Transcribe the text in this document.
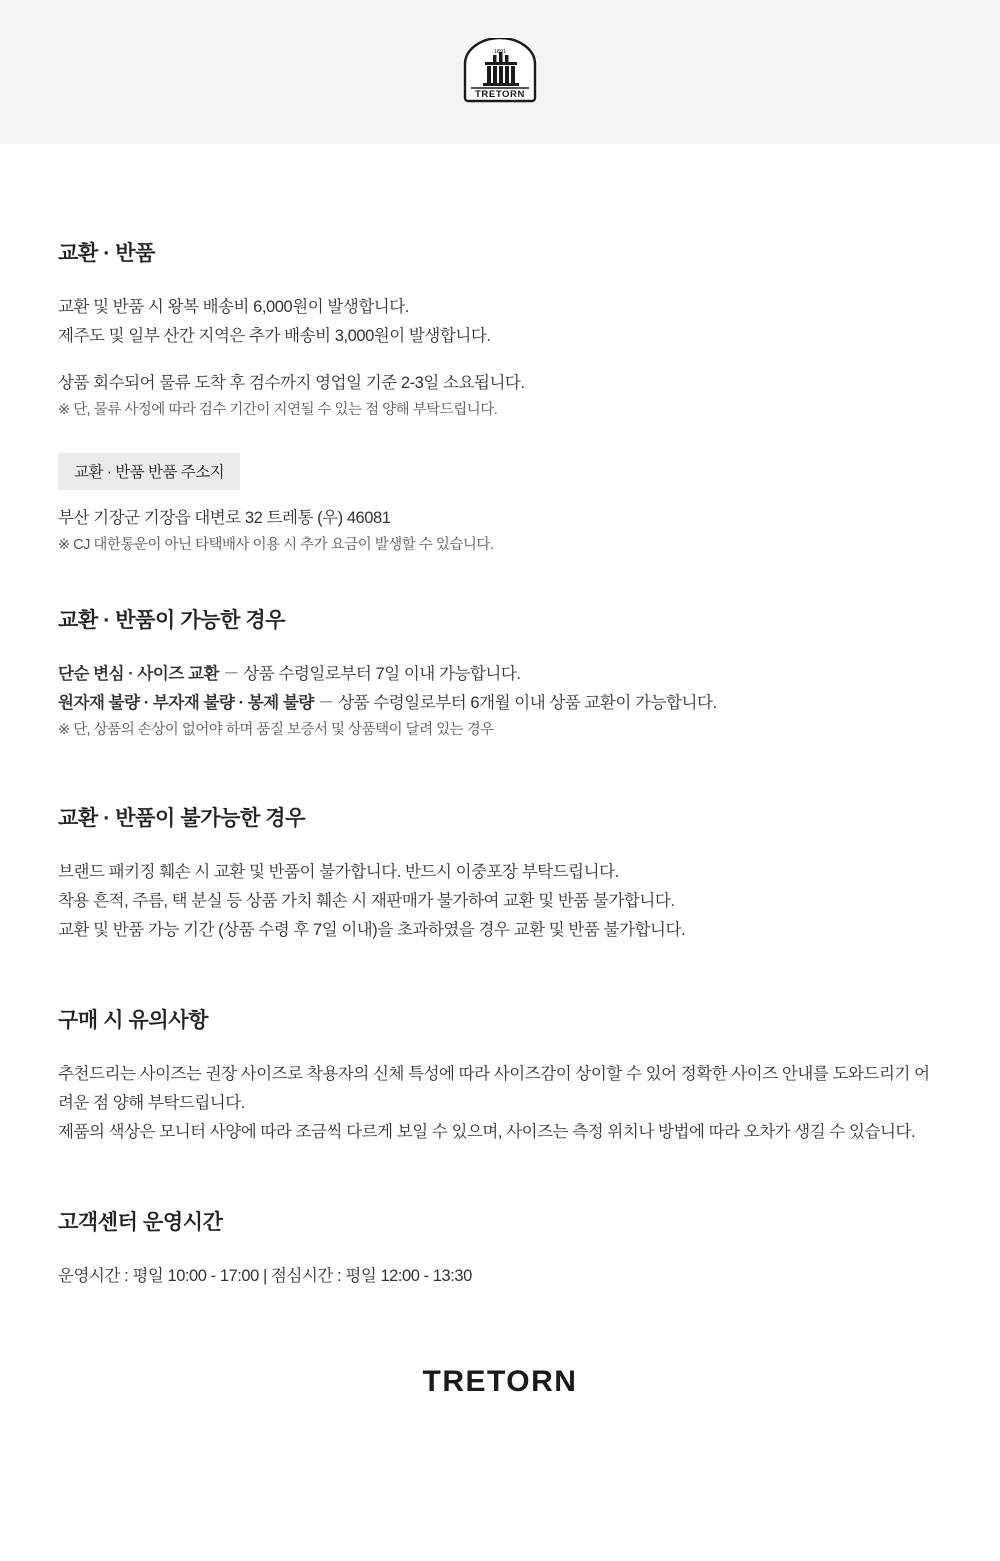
1891
TRETORN
교환 · 반품

교환 및 반품 시 왕복 배송비 6,000원이 발생합니다.

제주도 및 일부 산간 지역은 추가 배송비 3,000원이 발생합니다.

상품 회수되어 물류 도착 후 검수까지 영업일 기준 2-3일 소요됩니다.

※ 단, 물류 사정에 따라 검수 기간이 지연될 수 있는 점 양해 부탁드립니다.

교환 · 반품 반품 주소지

부산 기장군 기장읍 대변로 32 트레통 (우) 46081

※ CJ 대한통운이 아닌 타택배사 이용 시 추가 요금이 발생할 수 있습니다.

교환 · 반품이 가능한 경우

단순 변심 · 사이즈 교환 － 상품 수령일로부터 7일 이내 가능합니다.

원자재 불량 · 부자재 불량 · 봉제 불량 － 상품 수령일로부터 6개월 이내 상품 교환이 가능합니다.

※ 단, 상품의 손상이 없어야 하며 품질 보증서 및 상품택이 달려 있는 경우

교환 · 반품이 불가능한 경우

브랜드 패키징 훼손 시 교환 및 반품이 불가합니다. 반드시 이중포장 부탁드립니다.

착용 흔적, 주름, 택 분실 등 상품 가치 훼손 시 재판매가 불가하여 교환 및 반품 불가합니다.

교환 및 반품 가능 기간 (상품 수령 후 7일 이내)을 초과하였을 경우 교환 및 반품 불가합니다.

구매 시 유의사항

추천드리는 사이즈는 권장 사이즈로 착용자의 신체 특성에 따라 사이즈감이 상이할 수 있어 정확한 사이즈 안내를 도와드리기 어려운 점 양해 부탁드립니다.

제품의 색상은 모니터 사양에 따라 조금씩 다르게 보일 수 있으며, 사이즈는 측정 위치나 방법에 따라 오차가 생길 수 있습니다.

고객센터 운영시간

운영시간 : 평일 10:00 - 17:00 | 점심시간 : 평일 12:00 - 13:30

TRETORN
